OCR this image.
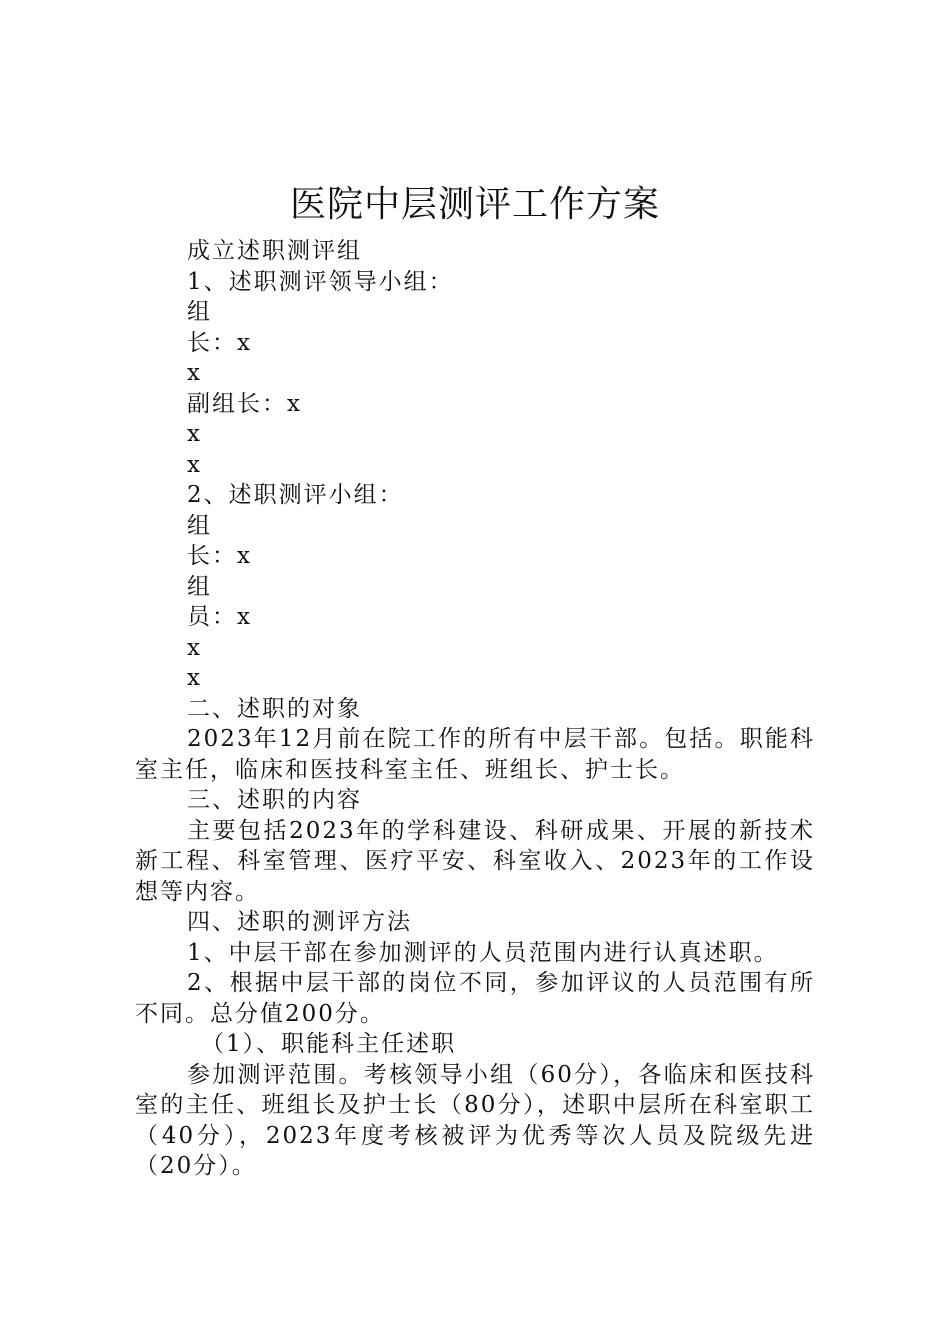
医院中层测评工作方案

成立述职测评组

1、述职测评领导小组：

组

长：x

x

副组长：x

x

x

2、述职测评小组：

组

长：x

组

员：x

x

x

二、述职的对象

2023年12月前在院工作的所有中层干部。包括。职能科室主任，临床和医技科室主任、班组长、护士长。

三、述职的内容

主要包括2023年的学科建设、科研成果、开展的新技术新工程、科室管理、医疗平安、科室收入、2023年的工作设想等内容。

四、述职的测评方法

1、中层干部在参加测评的人员范围内进行认真述职。

2、根据中层干部的岗位不同，参加评议的人员范围有所不同。总分值200分。

（1）、职能科主任述职

参加测评范围。考核领导小组（60分），各临床和医技科室的主任、班组长及护士长（80分），述职中层所在科室职工（40分），2023年度考核被评为优秀等次人员及院级先进（20分）。
